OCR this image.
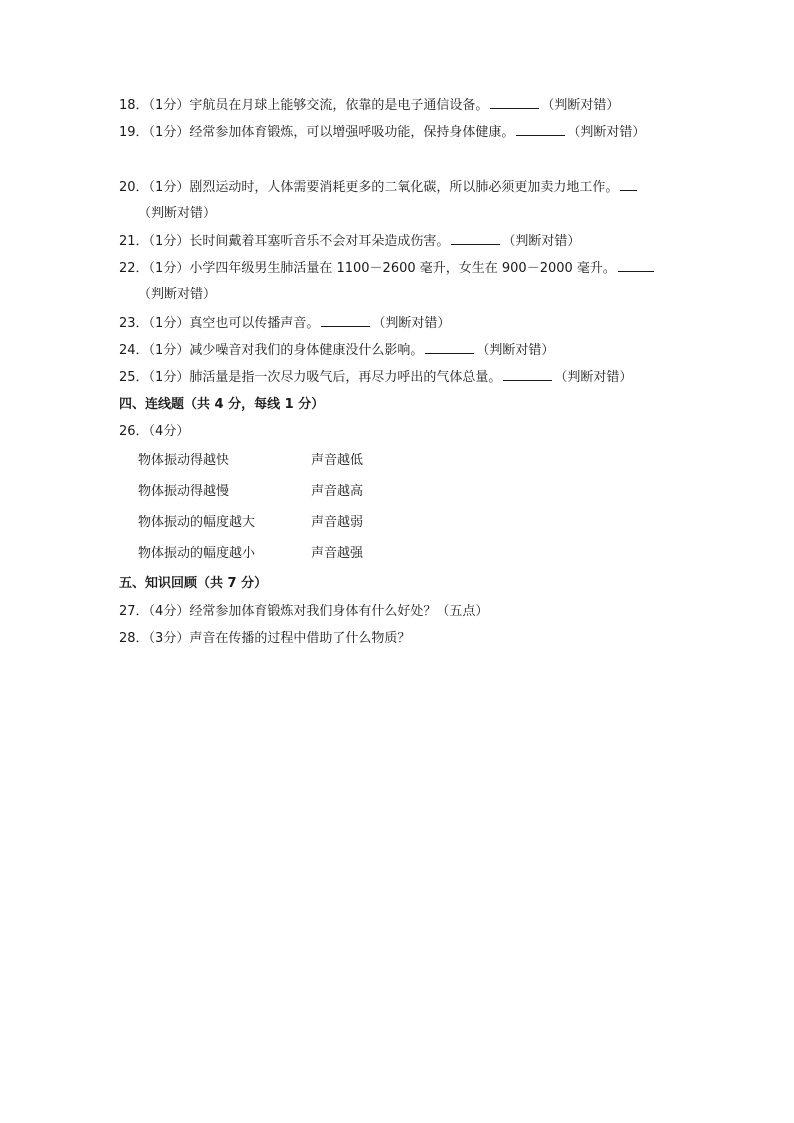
18．（1分）宇航员在月球上能够交流，依靠的是电子通信设备。	（判断对错）
19．（1分）经常参加体育锻炼，可以增强呼吸功能，保持身体健康。	（判断对错）
20．（1分）剧烈运动时，人体需要消耗更多的二氧化碳，所以肺必须更加卖力地工作。
（判断对错）
21．（1分）长时间戴着耳塞听音乐不会对耳朵造成伤害。	（判断对错）
22．（1分）小学四年级男生肺活量在 1100－2600 毫升，女生在 900－2000 毫升。
（判断对错）
23．（1分）真空也可以传播声音。	（判断对错）
24．（1分）减少噪音对我们的身体健康没什么影响。	（判断对错）
25．（1分）肺活量是指一次尽力吸气后，再尽力呼出的气体总量。	（判断对错）
四、连线题（共 4 分，每线 1 分）
26．（4分）
物体振动得越快	声音越低
物体振动得越慢	声音越高
物体振动的幅度越大	声音越弱
物体振动的幅度越小	声音越强
五、知识回顾（共 7 分）
27．（4分）经常参加体育锻炼对我们身体有什么好处？（五点）
28．（3分）声音在传播的过程中借助了什么物质？
